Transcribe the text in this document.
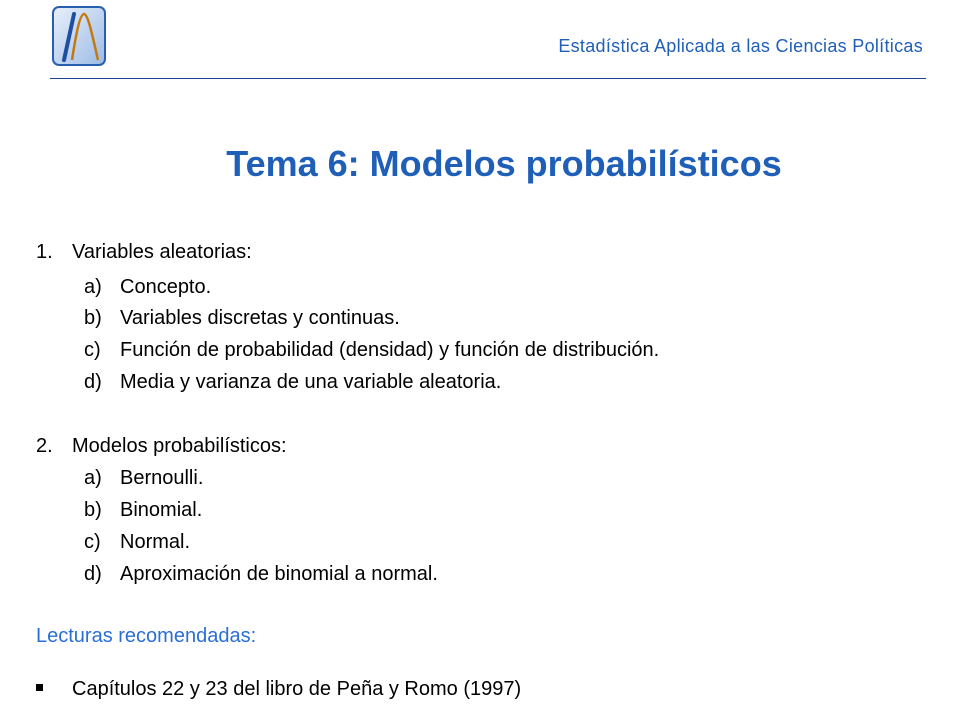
Estadística Aplicada a las Ciencias Políticas
Tema 6: Modelos probabilísticos
1. Variables aleatorias:
a) Concepto.
b) Variables discretas y continuas.
c) Función de probabilidad (densidad) y función de distribución.
d) Media y varianza de una variable aleatoria.
2. Modelos probabilísticos:
a) Bernoulli.
b) Binomial.
c) Normal.
d) Aproximación de binomial a normal.
Lecturas recomendadas:
Capítulos 22 y 23 del libro de Peña y Romo (1997)
